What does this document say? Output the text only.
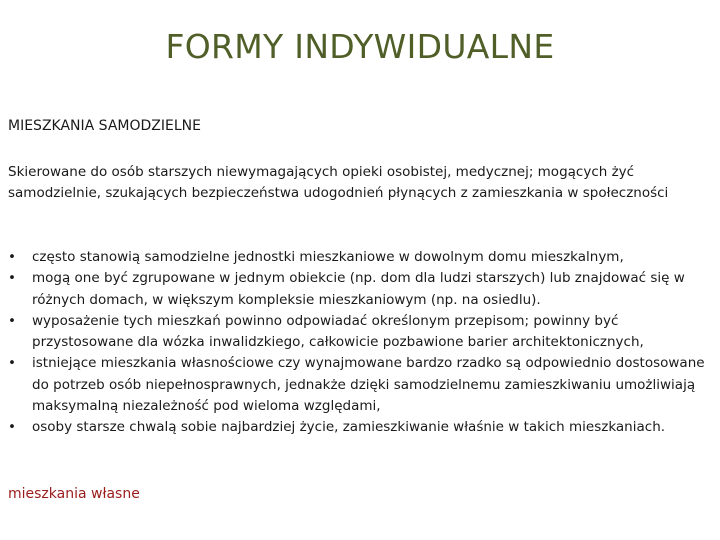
FORMY INDYWIDUALNE
MIESZKANIA SAMODZIELNE

Skierowane do osób starszych niewymagających opieki osobistej, medycznej; mogących żyć samodzielnie, szukających bezpieczeństwa udogodnień płynących z zamieszkania w społeczności

•	często stanowią samodzielne jednostki mieszkaniowe w dowolnym domu mieszkalnym,
•	mogą one być zgrupowane w jednym obiekcie (np. dom dla ludzi starszych) lub znajdować się w różnych domach, w większym kompleksie mieszkaniowym (np. na osiedlu).
•	wyposażenie tych mieszkań powinno odpowiadać określonym przepisom; powinny być przystosowane dla wózka inwalidzkiego, całkowicie pozbawione barier architektonicznych,
•	istniejące mieszkania własnościowe czy wynajmowane bardzo rzadko są odpowiednio dostosowane do potrzeb osób niepełnosprawnych, jednakże dzięki samodzielnemu zamieszkiwaniu umożliwiają maksymalną niezależność pod wieloma względami,
•	osoby starsze chwalą sobie najbardziej życie, zamieszkiwanie właśnie w takich mieszkaniach.
mieszkania własne
